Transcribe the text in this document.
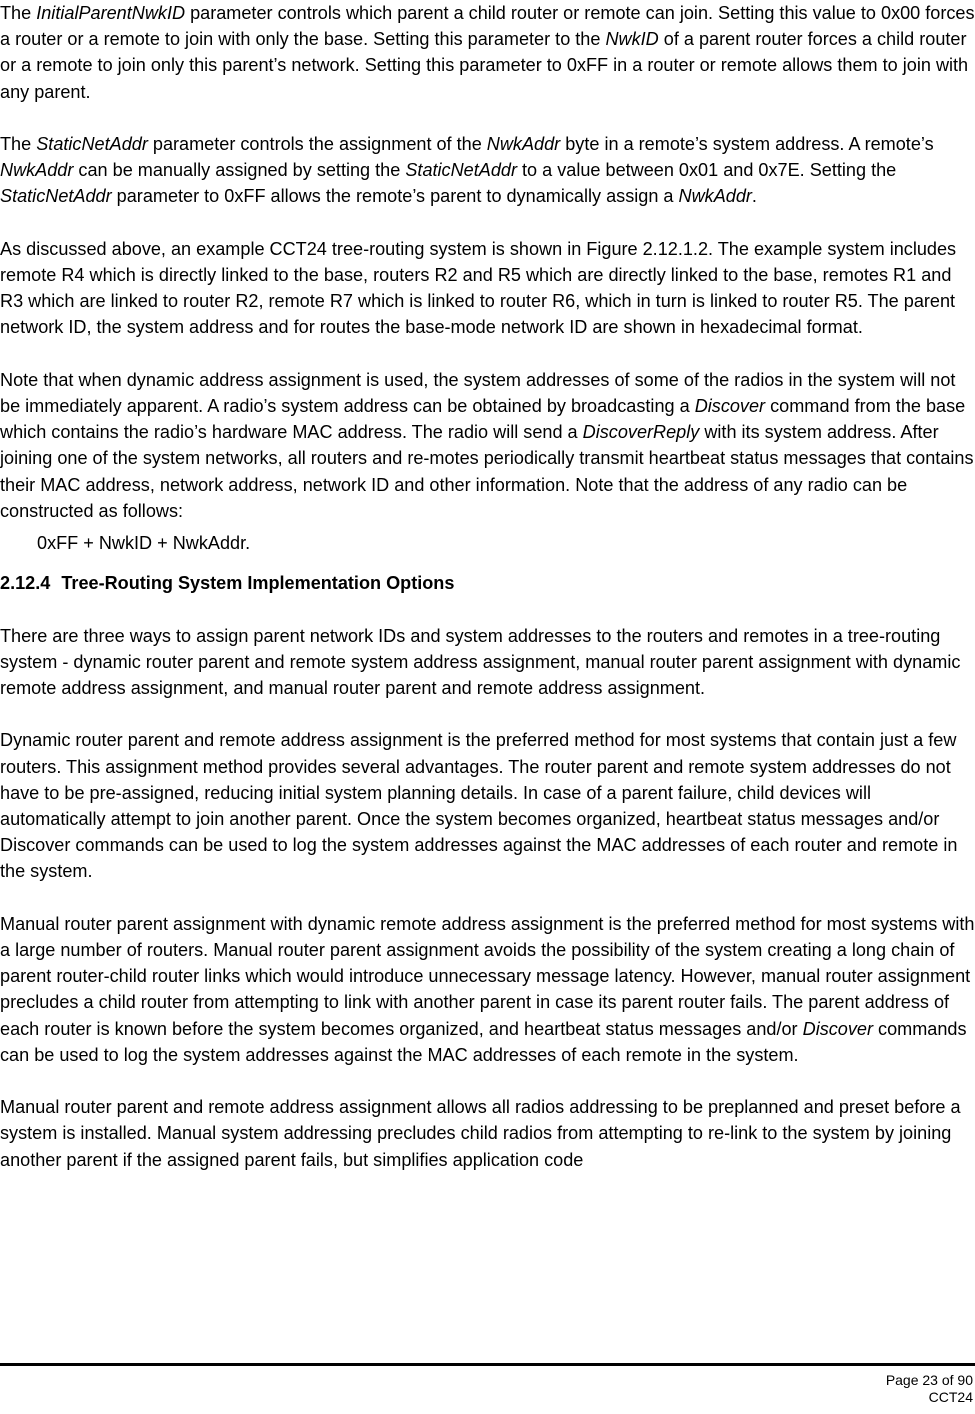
The InitialParentNwkID parameter controls which parent a child router or remote can join. Setting this value to 0x00 forces a router or a remote to join with only the base. Setting this parameter to the NwkID of a parent router forces a child router or a remote to join only this parent’s network. Setting this parameter to 0xFF in a router or remote allows them to join with any parent.

The StaticNetAddr parameter controls the assignment of the NwkAddr byte in a remote’s system address. A remote’s NwkAddr can be manually assigned by setting the StaticNetAddr to a value between 0x01 and 0x7E. Setting the StaticNetAddr parameter to 0xFF allows the remote’s parent to dynamically assign a NwkAddr.

As discussed above, an example CCT24 tree-routing system is shown in Figure 2.12.1.2. The example system includes remote R4 which is directly linked to the base, routers R2 and R5 which are directly linked to the base, remotes R1 and R3 which are linked to router R2, remote R7 which is linked to router R6, which in turn is linked to router R5. The parent network ID, the system address and for routes the base-mode network ID are shown in hexadecimal format.

Note that when dynamic address assignment is used, the system addresses of some of the radios in the system will not be immediately apparent. A radio’s system address can be obtained by broadcasting a Discover command from the base which contains the radio’s hardware MAC address. The radio will send a DiscoverReply with its system address. After joining one of the system networks, all routers and re-motes periodically transmit heartbeat status messages that contains their MAC address, network address, network ID and other information. Note that the address of any radio can be constructed as follows:

0xFF + NwkID + NwkAddr.

2.12.4 Tree-Routing System Implementation Options

There are three ways to assign parent network IDs and system addresses to the routers and remotes in a tree-routing system - dynamic router parent and remote system address assignment, manual router parent assignment with dynamic remote address assignment, and manual router parent and remote address assignment.

Dynamic router parent and remote address assignment is the preferred method for most systems that contain just a few routers. This assignment method provides several advantages. The router parent and remote system addresses do not have to be pre-assigned, reducing initial system planning details. In case of a parent failure, child devices will automatically attempt to join another parent. Once the system becomes organized, heartbeat status messages and/or Discover commands can be used to log the system addresses against the MAC addresses of each router and remote in the system.

Manual router parent assignment with dynamic remote address assignment is the preferred method for most systems with a large number of routers. Manual router parent assignment avoids the possibility of the system creating a long chain of parent router-child router links which would introduce unnecessary message latency. However, manual router assignment precludes a child router from attempting to link with another parent in case its parent router fails. The parent address of each router is known before the system becomes organized, and heartbeat status messages and/or Discover commands can be used to log the system addresses against the MAC addresses of each remote in the system.

Manual router parent and remote address assignment allows all radios addressing to be preplanned and preset before a system is installed. Manual system addressing precludes child radios from attempting to re-link to the system by joining another parent if the assigned parent fails, but simplifies application code

Page 23 of 90
CCT24
